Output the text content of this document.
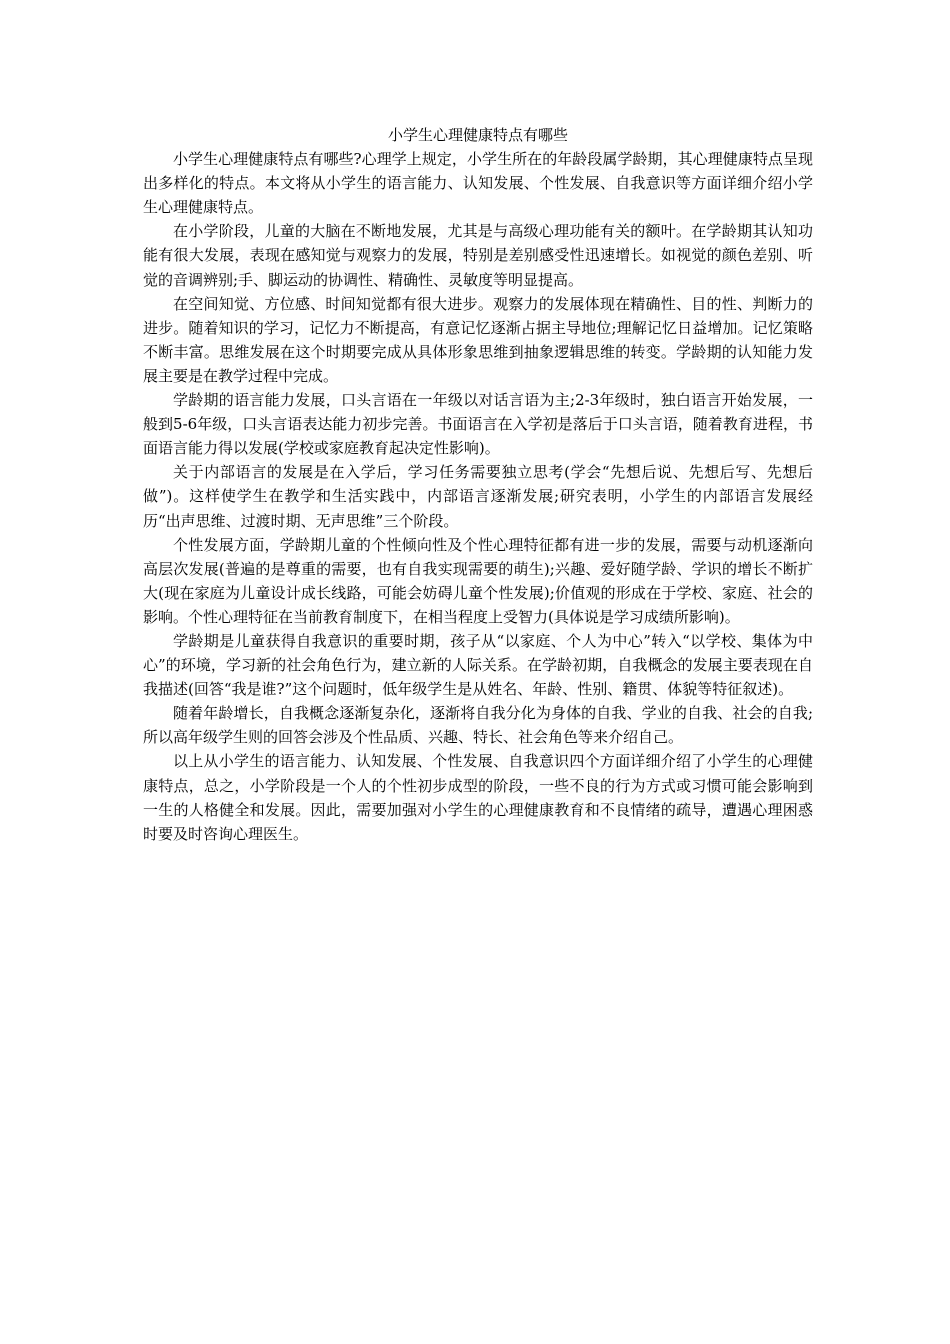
小学生心理健康特点有哪些

小学生心理健康特点有哪些?心理学上规定，小学生所在的年龄段属学龄期，其心理健康特点呈现出多样化的特点。本文将从小学生的语言能力、认知发展、个性发展、自我意识等方面详细介绍小学生心理健康特点。

在小学阶段，儿童的大脑在不断地发展，尤其是与高级心理功能有关的额叶。在学龄期其认知功能有很大发展，表现在感知觉与观察力的发展，特别是差别感受性迅速增长。如视觉的颜色差别、听觉的音调辨别;手、脚运动的协调性、精确性、灵敏度等明显提高。

在空间知觉、方位感、时间知觉都有很大进步。观察力的发展体现在精确性、目的性、判断力的进步。随着知识的学习，记忆力不断提高，有意记忆逐渐占据主导地位;理解记忆日益增加。记忆策略不断丰富。思维发展在这个时期要完成从具体形象思维到抽象逻辑思维的转变。学龄期的认知能力发展主要是在教学过程中完成。

学龄期的语言能力发展，口头言语在一年级以对话言语为主;2-3年级时，独白语言开始发展，一般到5-6年级，口头言语表达能力初步完善。书面语言在入学初是落后于口头言语，随着教育进程，书面语言能力得以发展(学校或家庭教育起决定性影响)。

关于内部语言的发展是在入学后，学习任务需要独立思考(学会“先想后说、先想后写、先想后做”)。这样使学生在教学和生活实践中，内部语言逐渐发展;研究表明，小学生的内部语言发展经历“出声思维、过渡时期、无声思维”三个阶段。

个性发展方面，学龄期儿童的个性倾向性及个性心理特征都有进一步的发展，需要与动机逐渐向高层次发展(普遍的是尊重的需要，也有自我实现需要的萌生);兴趣、爱好随学龄、学识的增长不断扩大(现在家庭为儿童设计成长线路，可能会妨碍儿童个性发展);价值观的形成在于学校、家庭、社会的影响。个性心理特征在当前教育制度下，在相当程度上受智力(具体说是学习成绩所影响)。

学龄期是儿童获得自我意识的重要时期，孩子从“以家庭、个人为中心”转入“以学校、集体为中心”的环境，学习新的社会角色行为，建立新的人际关系。在学龄初期，自我概念的发展主要表现在自我描述(回答“我是谁?”这个问题时，低年级学生是从姓名、年龄、性别、籍贯、体貌等特征叙述)。

随着年龄增长，自我概念逐渐复杂化，逐渐将自我分化为身体的自我、学业的自我、社会的自我;所以高年级学生则的回答会涉及个性品质、兴趣、特长、社会角色等来介绍自己。

以上从小学生的语言能力、认知发展、个性发展、自我意识四个方面详细介绍了小学生的心理健康特点，总之，小学阶段是一个人的个性初步成型的阶段，一些不良的行为方式或习惯可能会影响到一生的人格健全和发展。因此，需要加强对小学生的心理健康教育和不良情绪的疏导，遭遇心理困惑时要及时咨询心理医生。
